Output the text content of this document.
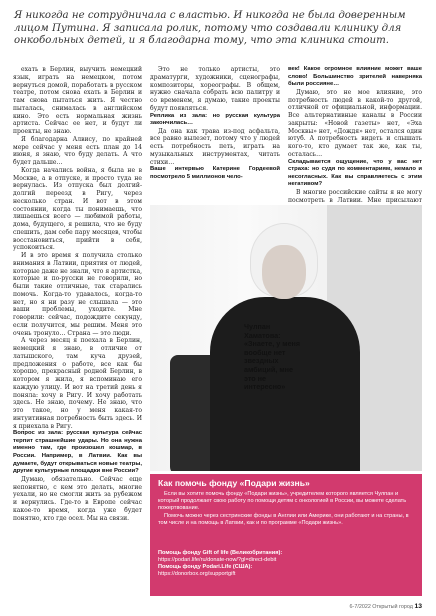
Я никогда не сотрудничала с властью. И никогда не была доверенным лицом Путина. Я записала ролик, потому что создавали клинику для онкобольных детей, и я благодарна тому, что эта клиника стоит.

ехать в Берлин, выучить немецкий язык, играть на немецком, потом вернуться домой, поработать в русском театре, потом снова ехать в Берлин и там снова пытаться жить. Я честно пыталась, снималась в английском кино. Это есть нормальная жизнь артиста. Сейчас ее нет, и будут ли проекты, не знаю.

Я благодарна Алвису, по крайней мере сейчас у меня есть план до 14 июня, я знаю, что буду делать. А что будет дальше…

Когда начались война, я была не в Москве, а в отпуске, и просто туда не вернулась. Из отпуска был долгий-долгий переезд в Ригу, через несколько стран. И вот в этом состоянии, когда ты понимаешь, что лишаешься всего — любимой работы, дома, будущего, я решила, что не буду спешить, дам себе пару месяцев, чтобы восстановиться, прийти в себя, успокоиться.

И в это время я получила столько внимания в Латвии, приятия от людей, которые даже не знали, что я артистка, которые и по-русски не говорили, но были такие отличные, так старались помочь. Когда-то удавалось, когда-то нет, но я ни разу не слышала — это ваши проблемы, уходите. Мне говорили: сейчас, подождите секунду, если получится, мы решим. Меня это очень тронуло… Страна — это люди.

А через месяц я поехала в Берлин, немецкий я знаю, в отличие от латышского, там куча друзей, предложения о работе, все как бы хорошо, прекрасный родной Берлин, в котором я жила, я вспоминаю его каждую улицу. И вот на третий день я поняла: хочу в Ригу. И хочу работать здесь. Не знаю, почему. Не знаю, что это такое, но у меня какая-то интуитивная потребность быть здесь. И я приехала в Ригу.

Вопрос из зала: русская культура сейчас терпит страшнейшие удары. Но она нужна именно там, где произошел кошмар, в России. Например, в Латвии. Как вы думаете, будут открываться новые театры, другие культурные площадки вне России?

Думаю, обязательно. Сейчас еще непонятно, с кем это делать, многие уехали, но не смогли жить за рубежом и вернулись. Где-то в Европе сейчас какое-то время, когда уже будет понятно, кто где осел. Мы на связи.

Это не только артисты, это драматурги, художники, сценографы, композиторы, хореографы. В общем, нужно сначала собрать всю палитру и со временем, я думаю, такие проекты будут появляться.

Реплика из зала: но русская культура закончилась…

Да она как трава из-под асфальта, все равно вылезет, потому что у людей есть потребность петь, играть на музыкальных инструментах, читать стихи…

Ваше интервью Катерине Гордеевой посмотрело 5 миллионов чело-

век! Какое огромное влияние может ваше слово! Большинство зрителей наверняка были россияне…

Думаю, это не мое влияние, это потребность людей в какой-то другой, отличной от официальной, информации. Все альтернативные каналы в России закрыты: «Новой газеты» нет, «Эха Москвы» нет, «Дождя» нет, остался один ютуб. А потребность видеть и слышать кого-то, кто думает так же, как ты, осталась…

Складывается ощущение, что у вас нет страха: но судя по комментариям, немало и несогласных. Как вы справляетесь с этим негативом?

В многие российские сайты я не могу посмотреть в Латвии. Мне присылают

Чулпан Хаматова: «Знаете, у меня вообще нет звездных амбиций, мне это не интересно»
Как помочь фонду «Подари жизнь»

Если вы хотите помочь фонду «Подари жизнь», учредителем которого является Чулпан и который продолжает свою работу по помощи детям с онкологией в России, вы можете сделать пожертвование.

Помочь можно через сестринские фонды в Англии или Америке, они работают и на страны, в том числе и на помощь в Латвии, как и по программе «Подари жизнь».

Помощь фонду Gift of life (Великобритания):

https://podari.life/ru/donate-now/?gl=direct-debit

Помощь фонду Podari.Life (США):

https://donorbox.org/supportgift

6-7/2022 Открытый город 13
